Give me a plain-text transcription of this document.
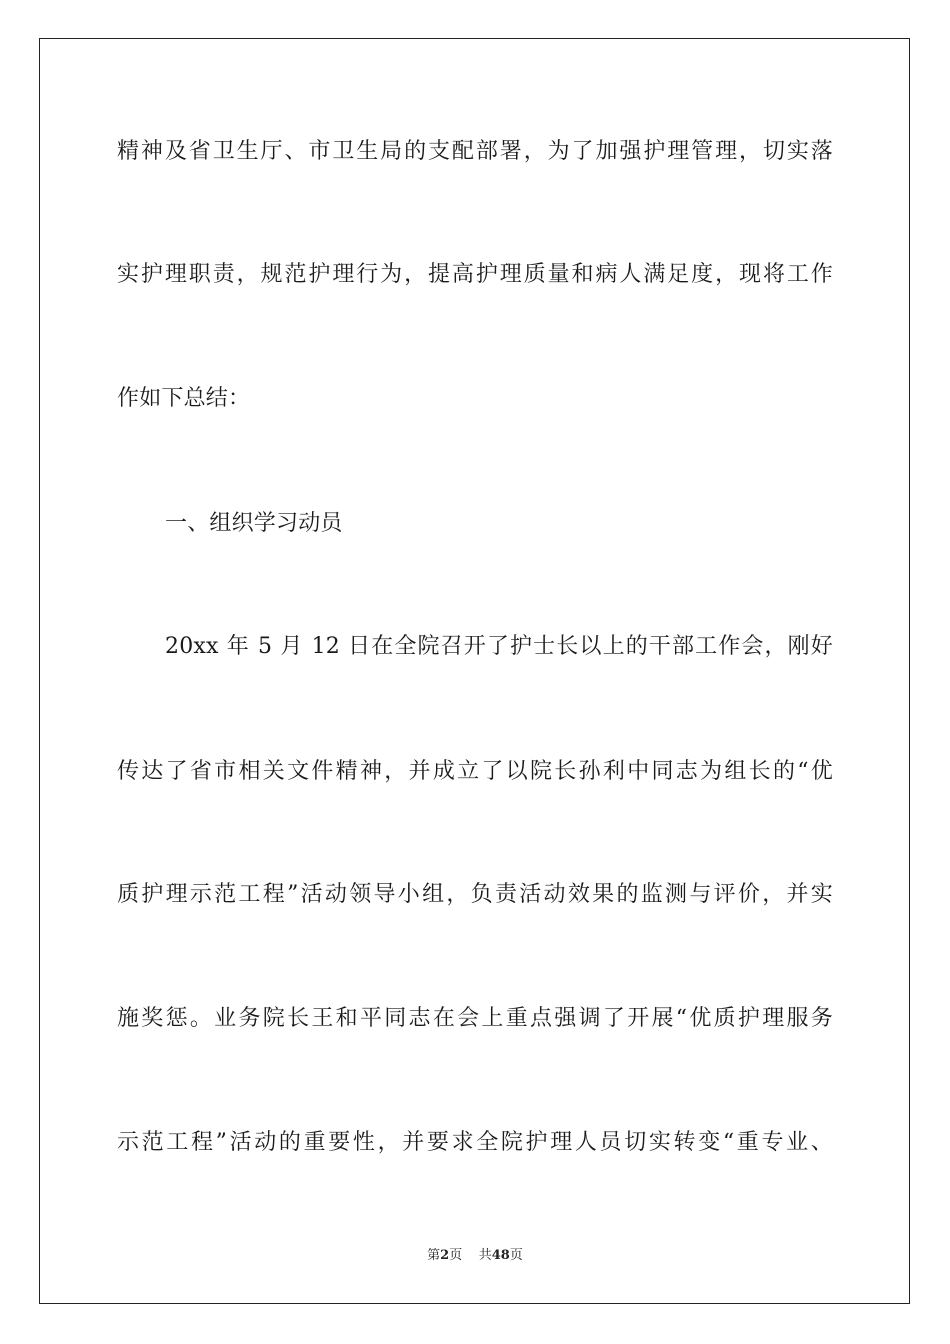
精神及省卫生厅、市卫生局的支配部署，为了加强护理管理，切实落
实护理职责，规范护理行为，提高护理质量和病人满足度，现将工作
作如下总结：
一、组织学习动员
20xx 年 5 月 12 日在全院召开了护士长以上的干部工作会，刚好
传达了省市相关文件精神，并成立了以院长孙利中同志为组长的“优
质护理示范工程”活动领导小组，负责活动效果的监测与评价，并实
施奖惩。业务院长王和平同志在会上重点强调了开展“优质护理服务
示范工程”活动的重要性，并要求全院护理人员切实转变“重专业、
第2页 共48页
